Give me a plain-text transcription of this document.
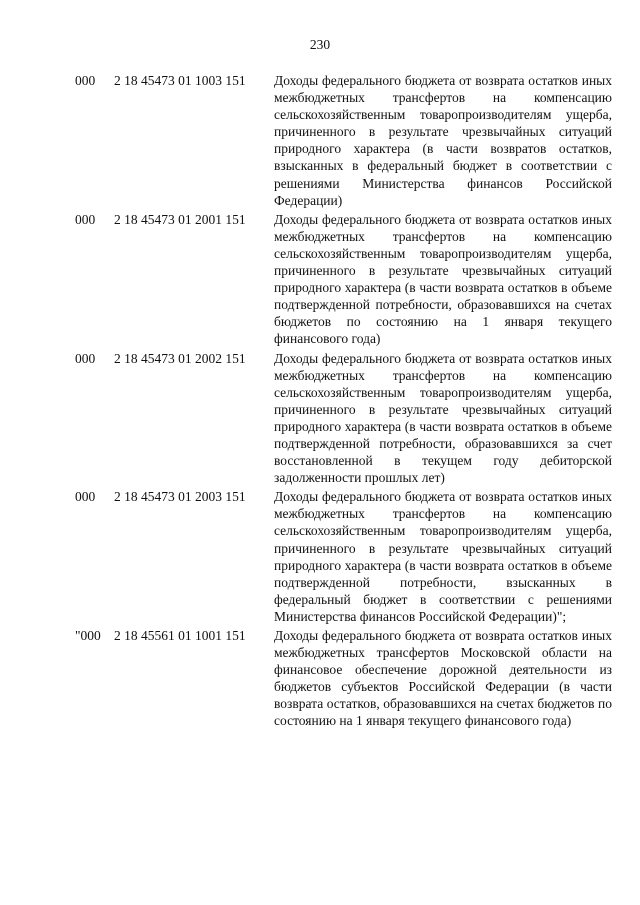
230
000	2 18 45473 01 1003 151	Доходы федерального бюджета от возврата остатков иных межбюджетных трансфертов на компенсацию сельскохозяйственным товаропроизводителям ущерба, причиненного в результате чрезвычайных ситуаций природного характера (в части возвратов остатков, взысканных в федеральный бюджет в соответствии с решениями Министерства финансов Российской Федерации)
000	2 18 45473 01 2001 151	Доходы федерального бюджета от возврата остатков иных межбюджетных трансфертов на компенсацию сельскохозяйственным товаропроизводителям ущерба, причиненного в результате чрезвычайных ситуаций природного характера (в части возврата остатков в объеме подтвержденной потребности, образовавшихся на счетах бюджетов по состоянию на 1 января текущего финансового года)
000	2 18 45473 01 2002 151	Доходы федерального бюджета от возврата остатков иных межбюджетных трансфертов на компенсацию сельскохозяйственным товаропроизводителям ущерба, причиненного в результате чрезвычайных ситуаций природного характера (в части возврата остатков в объеме подтвержденной потребности, образовавшихся за счет восстановленной в текущем году дебиторской задолженности прошлых лет)
000	2 18 45473 01 2003 151	Доходы федерального бюджета от возврата остатков иных межбюджетных трансфертов на компенсацию сельскохозяйственным товаропроизводителям ущерба, причиненного в результате чрезвычайных ситуаций природного характера (в части возврата остатков в объеме подтвержденной потребности, взысканных в федеральный бюджет в соответствии с решениями Министерства финансов Российской Федерации)";
"000 2 18 45561 01 1001 151	Доходы федерального бюджета от возврата остатков иных межбюджетных трансфертов Московской области на финансовое обеспечение дорожной деятельности из бюджетов субъектов Российской Федерации (в части возврата остатков, образовавшихся на счетах бюджетов по состоянию на 1 января текущего финансового года)
